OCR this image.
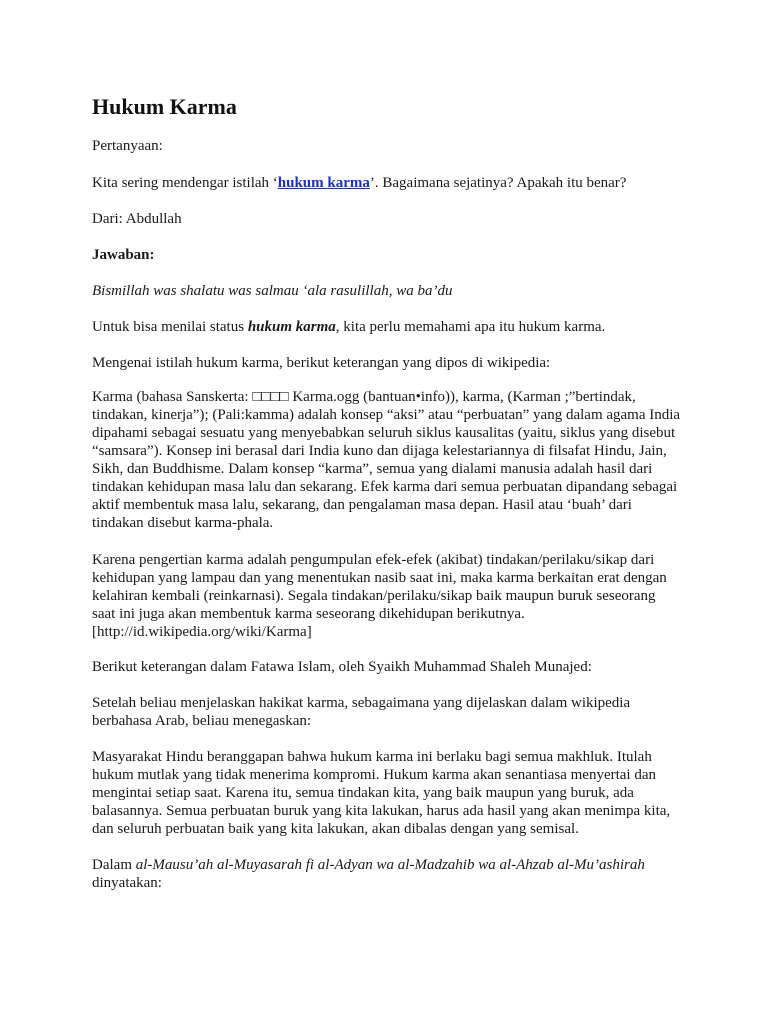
Hukum Karma

Pertanyaan:

Kita sering mendengar istilah ‘hukum karma’. Bagaimana sejatinya? Apakah itu benar?

Dari: Abdullah

Jawaban:

Bismillah was shalatu was salmau ‘ala rasulillah, wa ba’du

Untuk bisa menilai status hukum karma, kita perlu memahami apa itu hukum karma.

Mengenai istilah hukum karma, berikut keterangan yang dipos di wikipedia:

Karma (bahasa Sanskerta: □□□□ Karma.ogg (bantuan•info)), karma, (Karman ;”bertindak, tindakan, kinerja”); (Pali:kamma) adalah konsep “aksi” atau “perbuatan” yang dalam agama India dipahami sebagai sesuatu yang menyebabkan seluruh siklus kausalitas (yaitu, siklus yang disebut “samsara”). Konsep ini berasal dari India kuno dan dijaga kelestariannya di filsafat Hindu, Jain, Sikh, dan Buddhisme. Dalam konsep “karma”, semua yang dialami manusia adalah hasil dari tindakan kehidupan masa lalu dan sekarang. Efek karma dari semua perbuatan dipandang sebagai aktif membentuk masa lalu, sekarang, dan pengalaman masa depan. Hasil atau ‘buah’ dari tindakan disebut karma-phala.

Karena pengertian karma adalah pengumpulan efek-efek (akibat) tindakan/perilaku/sikap dari kehidupan yang lampau dan yang menentukan nasib saat ini, maka karma berkaitan erat dengan kelahiran kembali (reinkarnasi). Segala tindakan/perilaku/sikap baik maupun buruk seseorang saat ini juga akan membentuk karma seseorang dikehidupan berikutnya. [http://id.wikipedia.org/wiki/Karma]

Berikut keterangan dalam Fatawa Islam, oleh Syaikh Muhammad Shaleh Munajed:

Setelah beliau menjelaskan hakikat karma, sebagaimana yang dijelaskan dalam wikipedia berbahasa Arab, beliau menegaskan:

Masyarakat Hindu beranggapan bahwa hukum karma ini berlaku bagi semua makhluk. Itulah hukum mutlak yang tidak menerima kompromi. Hukum karma akan senantiasa menyertai dan mengintai setiap saat. Karena itu, semua tindakan kita, yang baik maupun yang buruk, ada balasannya. Semua perbuatan buruk yang kita lakukan, harus ada hasil yang akan menimpa kita, dan seluruh perbuatan baik yang kita lakukan, akan dibalas dengan yang semisal.

Dalam al-Mausu’ah al-Muyasarah fi al-Adyan wa al-Madzahib wa al-Ahzab al-Mu’ashirah dinyatakan:
